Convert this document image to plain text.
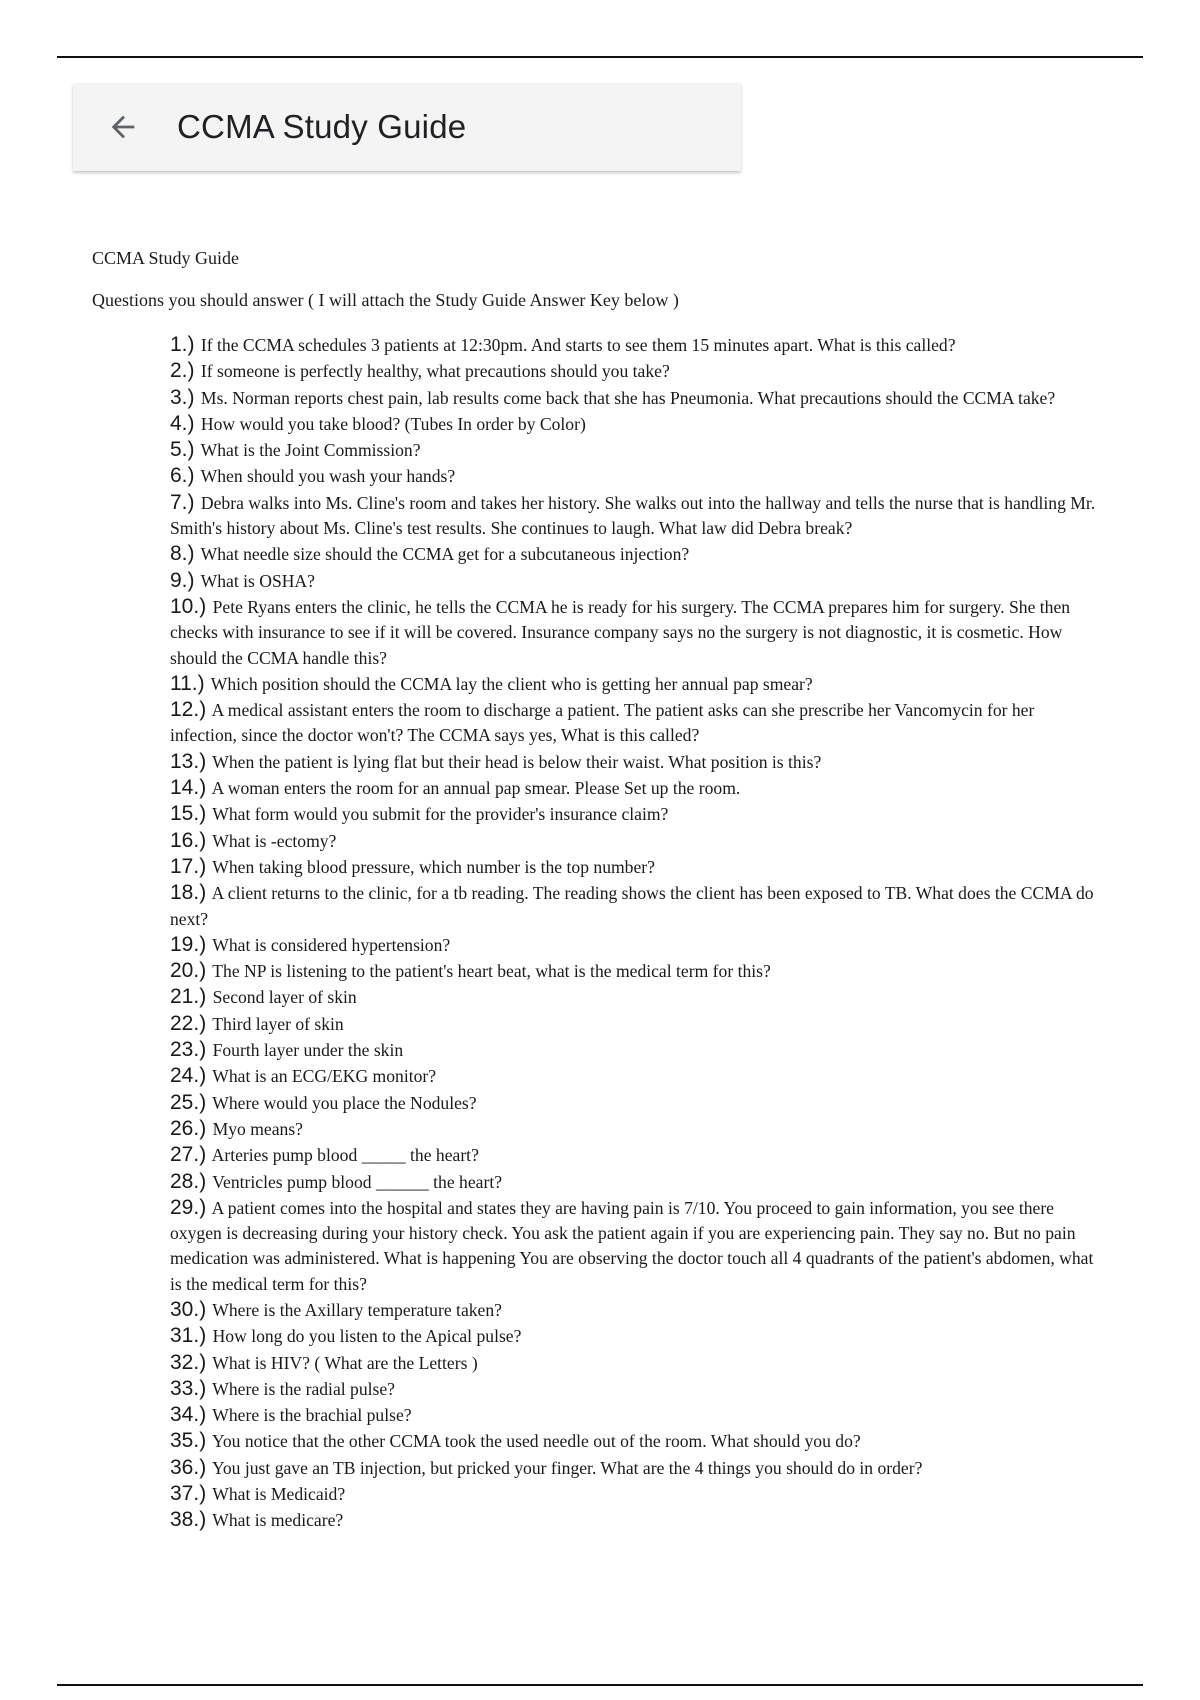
CCMA Study Guide
CCMA Study Guide
Questions you should answer ( I will attach the Study Guide Answer Key below )
1.) If the CCMA schedules 3 patients at 12:30pm. And starts to see them 15 minutes apart. What is this called?
2.) If someone is perfectly healthy, what precautions should you take?
3.) Ms. Norman reports chest pain, lab results come back that she has Pneumonia. What precautions should the CCMA take?
4.) How would you take blood? (Tubes In order by Color)
5.) What is the Joint Commission?
6.) When should you wash your hands?
7.) Debra walks into Ms. Cline's room and takes her history. She walks out into the hallway and tells the nurse that is handling Mr. Smith's history about Ms. Cline's test results. She continues to laugh. What law did Debra break?
8.) What needle size should the CCMA get for a subcutaneous injection?
9.) What is OSHA?
10.) Pete Ryans enters the clinic, he tells the CCMA he is ready for his surgery. The CCMA prepares him for surgery. She then checks with insurance to see if it will be covered. Insurance company says no the surgery is not diagnostic, it is cosmetic. How should the CCMA handle this?
11.) Which position should the CCMA lay the client who is getting her annual pap smear?
12.) A medical assistant enters the room to discharge a patient. The patient asks can she prescribe her Vancomycin for her infection, since the doctor won't? The CCMA says yes, What is this called?
13.) When the patient is lying flat but their head is below their waist. What position is this?
14.) A woman enters the room for an annual pap smear. Please Set up the room.
15.) What form would you submit for the provider's insurance claim?
16.) What is -ectomy?
17.) When taking blood pressure, which number is the top number?
18.) A client returns to the clinic, for a tb reading. The reading shows the client has been exposed to TB. What does the CCMA do next?
19.) What is considered hypertension?
20.) The NP is listening to the patient's heart beat, what is the medical term for this?
21.) Second layer of skin
22.) Third layer of skin
23.) Fourth layer under the skin
24.) What is an ECG/EKG monitor?
25.) Where would you place the Nodules?
26.) Myo means?
27.) Arteries pump blood _____ the heart?
28.) Ventricles pump blood ______ the heart?
29.) A patient comes into the hospital and states they are having pain is 7/10. You proceed to gain information, you see there oxygen is decreasing during your history check. You ask the patient again if you are experiencing pain. They say no. But no pain medication was administered. What is happening You are observing the doctor touch all 4 quadrants of the patient's abdomen, what is the medical term for this?
30.) Where is the Axillary temperature taken?
31.) How long do you listen to the Apical pulse?
32.) What is HIV? ( What are the Letters )
33.) Where is the radial pulse?
34.) Where is the brachial pulse?
35.) You notice that the other CCMA took the used needle out of the room. What should you do?
36.) You just gave an TB injection, but pricked your finger. What are the 4 things you should do in order?
37.) What is Medicaid?
38.) What is medicare?
